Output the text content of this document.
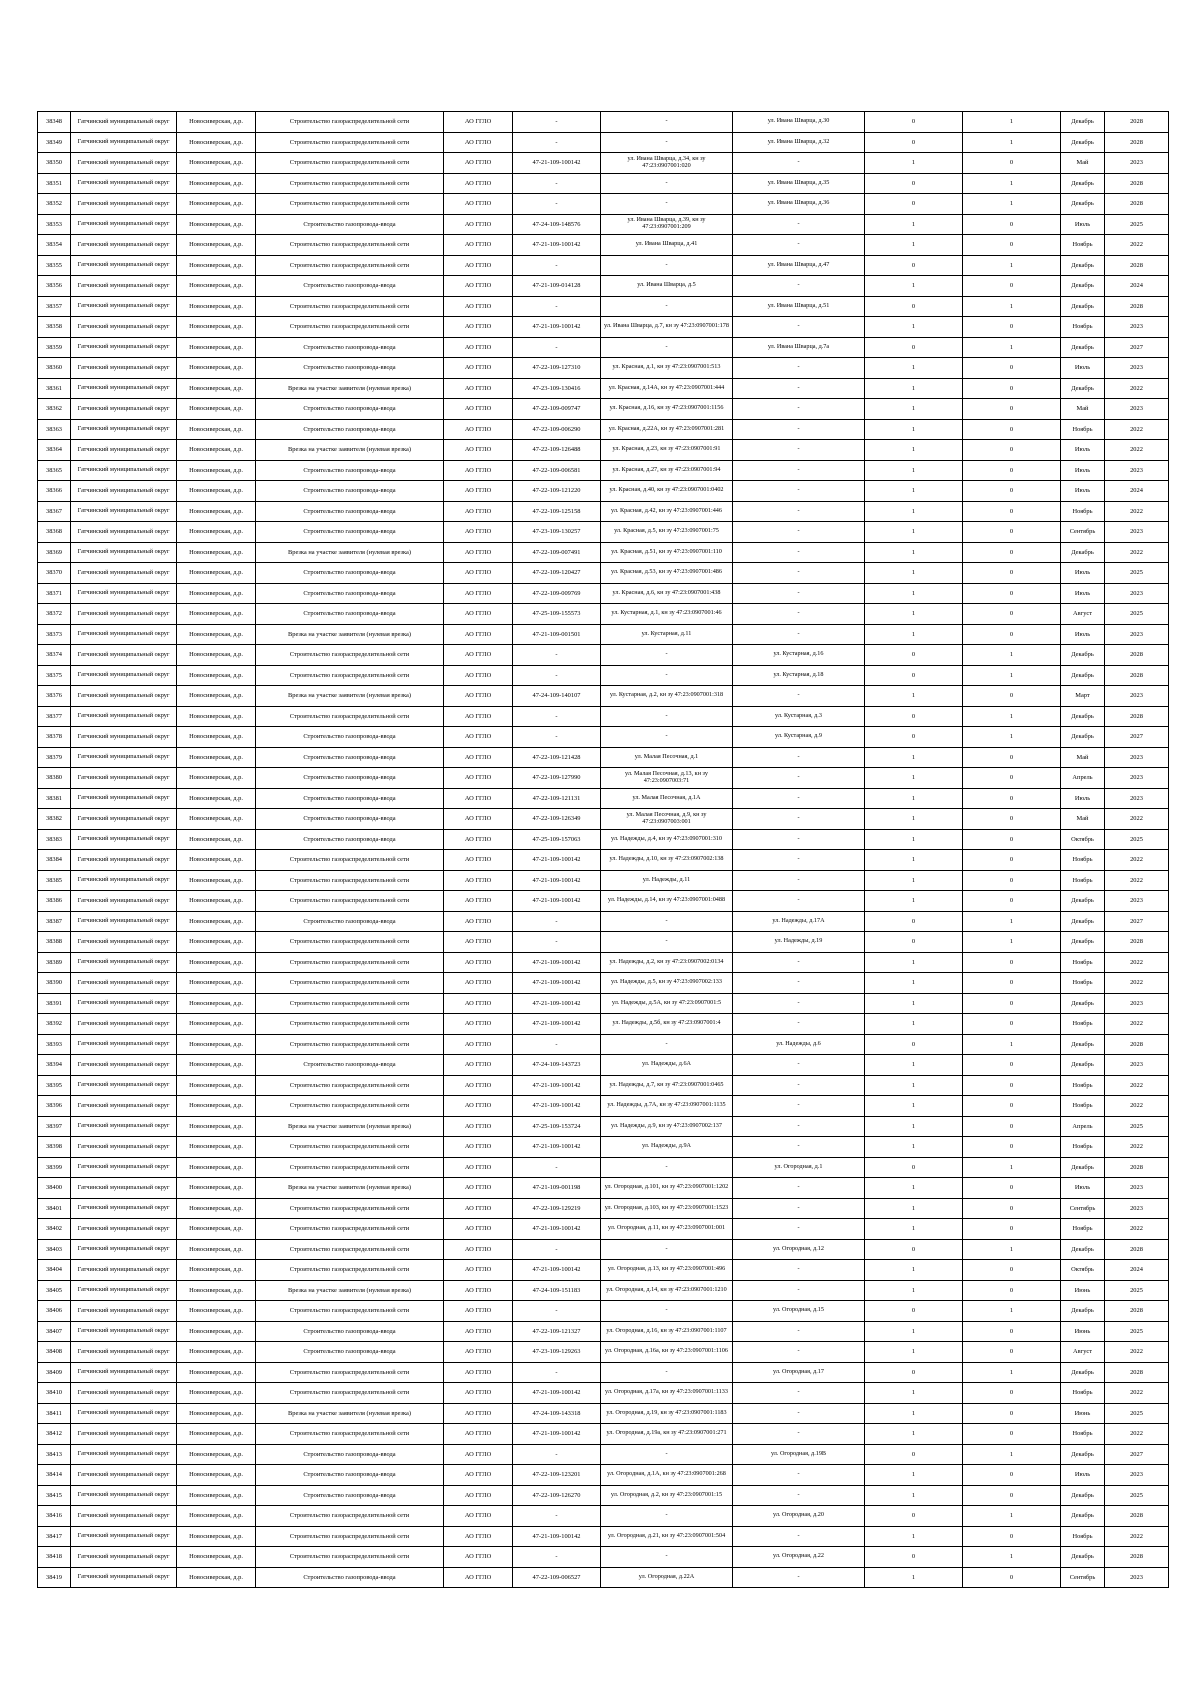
38348	Гатчинский муниципальный округ	Новосиверская, д.р.	Строительство газораспределительной сети	АО ГГЛО	-	-	ул. Ивана Шварца, д.30	0	1	Декабрь	2028
38349	Гатчинский муниципальный округ	Новосиверская, д.р.	Строительство газораспределительной сети	АО ГГЛО	-	-	ул. Ивана Шварца, д.32	0	1	Декабрь	2028
38350	Гатчинский муниципальный округ	Новосиверская, д.р.	Строительство газораспределительной сети	АО ГГЛО	47-21-109-100142	ул. Ивана Шварца, д.34, кн зу 47:23:0907001:020	-	1	0	Май	2023
38351	Гатчинский муниципальный округ	Новосиверская, д.р.	Строительство газораспределительной сети	АО ГГЛО	-	-	ул. Ивана Шварца, д.35	0	1	Декабрь	2028
38352	Гатчинский муниципальный округ	Новосиверская, д.р.	Строительство газораспределительной сети	АО ГГЛО	-	-	ул. Ивана Шварца, д.36	0	1	Декабрь	2028
38353	Гатчинский муниципальный округ	Новосиверская, д.р.	Строительство газопровода-ввода	АО ГГЛО	47-24-109-148576	ул. Ивана Шварца, д.39, кн зу 47:23:0907001:209	-	1	0	Июль	2025
38354	Гатчинский муниципальный округ	Новосиверская, д.р.	Строительство газораспределительной сети	АО ГГЛО	47-21-109-100142	ул. Ивана Шварца, д.41	-	1	0	Ноябрь	2022
38355	Гатчинский муниципальный округ	Новосиверская, д.р.	Строительство газораспределительной сети	АО ГГЛО	-	-	ул. Ивана Шварца, д.47	0	1	Декабрь	2028
38356	Гатчинский муниципальный округ	Новосиверская, д.р.	Строительство газопровода-ввода	АО ГГЛО	47-21-109-014128	ул. Ивана Шварца, д.5	-	1	0	Декабрь	2024
38357	Гатчинский муниципальный округ	Новосиверская, д.р.	Строительство газораспределительной сети	АО ГГЛО	-	-	ул. Ивана Шварца, д.51	0	1	Декабрь	2028
38358	Гатчинский муниципальный округ	Новосиверская, д.р.	Строительство газораспределительной сети	АО ГГЛО	47-21-109-100142	ул. Ивана Шварца, д.7, кн зу 47:23:0907001:178	-	1	0	Ноябрь	2023
38359	Гатчинский муниципальный округ	Новосиверская, д.р.	Строительство газопровода-ввода	АО ГГЛО	-	-	ул. Ивана Шварца, д.7а	0	1	Декабрь	2027
38360	Гатчинский муниципальный округ	Новосиверская, д.р.	Строительство газопровода-ввода	АО ГГЛО	47-22-109-127310	ул. Красная, д.1, кн зу 47:23:0907001:513	-	1	0	Июль	2023
38361	Гатчинский муниципальный округ	Новосиверская, д.р.	Врезка на участке заявителя (нулевая врезка)	АО ГГЛО	47-23-109-130416	ул. Красная, д.14А, кн зу 47:23:0907001:444	-	1	0	Декабрь	2022
38362	Гатчинский муниципальный округ	Новосиверская, д.р.	Строительство газопровода-ввода	АО ГГЛО	47-22-109-009747	ул. Красная, д.16, кн зу 47:23:0907001:1156	-	1	0	Май	2023
38363	Гатчинский муниципальный округ	Новосиверская, д.р.	Строительство газопровода-ввода	АО ГГЛО	47-22-109-006290	ул. Красная, д.22А, кн зу 47:23:0907001:281	-	1	0	Ноябрь	2022
38364	Гатчинский муниципальный округ	Новосиверская, д.р.	Врезка на участке заявителя (нулевая врезка)	АО ГГЛО	47-22-109-126488	ул. Красная, д.23, кн зу 47:23:0907001:91	-	1	0	Июль	2022
38365	Гатчинский муниципальный округ	Новосиверская, д.р.	Строительство газопровода-ввода	АО ГГЛО	47-22-109-006581	ул. Красная, д.27, кн зу 47:23:0907001:94	-	1	0	Июль	2023
38366	Гатчинский муниципальный округ	Новосиверская, д.р.	Строительство газопровода-ввода	АО ГГЛО	47-22-109-121220	ул. Красная, д.40, кн зу 47:23:0907001:0402	-	1	0	Июль	2024
38367	Гатчинский муниципальный округ	Новосиверская, д.р.	Строительство газопровода-ввода	АО ГГЛО	47-22-109-125158	ул. Красная, д.42, кн зу 47:23:0907001:446	-	1	0	Ноябрь	2022
38368	Гатчинский муниципальный округ	Новосиверская, д.р.	Строительство газопровода-ввода	АО ГГЛО	47-23-109-130257	ул. Красная, д.5, кн зу 47:23:0907001:75	-	1	0	Сентябрь	2023
38369	Гатчинский муниципальный округ	Новосиверская, д.р.	Врезка на участке заявителя (нулевая врезка)	АО ГГЛО	47-22-109-007491	ул. Красная, д.51, кн зу 47:23:0907001:110	-	1	0	Декабрь	2022
38370	Гатчинский муниципальный округ	Новосиверская, д.р.	Строительство газопровода-ввода	АО ГГЛО	47-22-109-120427	ул. Красная, д.53, кн зу 47:23:0907001:486	-	1	0	Июль	2025
38371	Гатчинский муниципальный округ	Новосиверская, д.р.	Строительство газопровода-ввода	АО ГГЛО	47-22-109-009769	ул. Красная, д.6, кн зу 47:23:0907001:438	-	1	0	Июль	2023
38372	Гатчинский муниципальный округ	Новосиверская, д.р.	Строительство газопровода-ввода	АО ГГЛО	47-25-109-155573	ул. Кустарная, д.1, кн зу 47:23:0907001:46	-	1	0	Август	2025
38373	Гатчинский муниципальный округ	Новосиверская, д.р.	Врезка на участке заявителя (нулевая врезка)	АО ГГЛО	47-21-109-001501	ул. Кустарная, д.11	-	1	0	Июль	2023
38374	Гатчинский муниципальный округ	Новосиверская, д.р.	Строительство газораспределительной сети	АО ГГЛО	-	-	ул. Кустарная, д.16	0	1	Декабрь	2028
38375	Гатчинский муниципальный округ	Новосиверская, д.р.	Строительство газораспределительной сети	АО ГГЛО	-	-	ул. Кустарная, д.18	0	1	Декабрь	2028
38376	Гатчинский муниципальный округ	Новосиверская, д.р.	Врезка на участке заявителя (нулевая врезка)	АО ГГЛО	47-24-109-140107	ул. Кустарная, д.2, кн зу 47:23:0907001:318	-	1	0	Март	2023
38377	Гатчинский муниципальный округ	Новосиверская, д.р.	Строительство газораспределительной сети	АО ГГЛО	-	-	ул. Кустарная, д.3	0	1	Декабрь	2028
38378	Гатчинский муниципальный округ	Новосиверская, д.р.	Строительство газопровода-ввода	АО ГГЛО	-	-	ул. Кустарная, д.9	0	1	Декабрь	2027
38379	Гатчинский муниципальный округ	Новосиверская, д.р.	Строительство газопровода-ввода	АО ГГЛО	47-22-109-121428	ул. Малая Песочная, д.1	-	1	0	Май	2023
38380	Гатчинский муниципальный округ	Новосиверская, д.р.	Строительство газопровода-ввода	АО ГГЛО	47-22-109-127990	ул. Малая Песочная, д.13, кн зу 47:23:0907003:71	-	1	0	Апрель	2023
38381	Гатчинский муниципальный округ	Новосиверская, д.р.	Строительство газопровода-ввода	АО ГГЛО	47-22-109-121131	ул. Малая Песочная, д.1А	-	1	0	Июль	2023
38382	Гатчинский муниципальный округ	Новосиверская, д.р.	Строительство газопровода-ввода	АО ГГЛО	47-22-109-126349	ул. Малая Песочная, д.9, кн зу 47:23:0907003:001	-	1	0	Май	2022
38383	Гатчинский муниципальный округ	Новосиверская, д.р.	Строительство газопровода-ввода	АО ГГЛО	47-25-109-157063	ул. Надежды, д.4, кн зу 47:23:0907001:310	-	1	0	Октябрь	2025
38384	Гатчинский муниципальный округ	Новосиверская, д.р.	Строительство газораспределительной сети	АО ГГЛО	47-21-109-100142	ул. Надежды, д.10, кн зу 47:23:0907002:138	-	1	0	Ноябрь	2022
38385	Гатчинский муниципальный округ	Новосиверская, д.р.	Строительство газораспределительной сети	АО ГГЛО	47-21-109-100142	ул. Надежды, д.11	-	1	0	Ноябрь	2022
38386	Гатчинский муниципальный округ	Новосиверская, д.р.	Строительство газораспределительной сети	АО ГГЛО	47-21-109-100142	ул. Надежды, д.14, кн зу 47:23:0907001:0488	-	1	0	Декабрь	2023
38387	Гатчинский муниципальный округ	Новосиверская, д.р.	Строительство газопровода-ввода	АО ГГЛО	-	-	ул. Надежды, д.17А	0	1	Декабрь	2027
38388	Гатчинский муниципальный округ	Новосиверская, д.р.	Строительство газораспределительной сети	АО ГГЛО	-	-	ул. Надежды, д.19	0	1	Декабрь	2028
38389	Гатчинский муниципальный округ	Новосиверская, д.р.	Строительство газораспределительной сети	АО ГГЛО	47-21-109-100142	ул. Надежды, д.2, кн зу 47:23:0907002:0134	-	1	0	Ноябрь	2022
38390	Гатчинский муниципальный округ	Новосиверская, д.р.	Строительство газораспределительной сети	АО ГГЛО	47-21-109-100142	ул. Надежды, д.5, кн зу 47:23:0907002:133	-	1	0	Ноябрь	2022
38391	Гатчинский муниципальный округ	Новосиверская, д.р.	Строительство газораспределительной сети	АО ГГЛО	47-21-109-100142	ул. Надежды, д.5А, кн зу 47:23:0907001:5	-	1	0	Декабрь	2023
38392	Гатчинский муниципальный округ	Новосиверская, д.р.	Строительство газораспределительной сети	АО ГГЛО	47-21-109-100142	ул. Надежды, д.5б, кн зу 47:23:0907001:4	-	1	0	Ноябрь	2022
38393	Гатчинский муниципальный округ	Новосиверская, д.р.	Строительство газораспределительной сети	АО ГГЛО	-	-	ул. Надежды, д.6	0	1	Декабрь	2028
38394	Гатчинский муниципальный округ	Новосиверская, д.р.	Строительство газопровода-ввода	АО ГГЛО	47-24-109-143723	ул. Надежды, д.6А	-	1	0	Декабрь	2023
38395	Гатчинский муниципальный округ	Новосиверская, д.р.	Строительство газораспределительной сети	АО ГГЛО	47-21-109-100142	ул. Надежды, д.7, кн зу 47:23:0907001:0465	-	1	0	Ноябрь	2022
38396	Гатчинский муниципальный округ	Новосиверская, д.р.	Строительство газораспределительной сети	АО ГГЛО	47-21-109-100142	ул. Надежды, д.7А, кн зу 47:23:0907001:1135	-	1	0	Ноябрь	2022
38397	Гатчинский муниципальный округ	Новосиверская, д.р.	Врезка на участке заявителя (нулевая врезка)	АО ГГЛО	47-25-109-153724	ул. Надежды, д.9, кн зу 47:23:0907002:137	-	1	0	Апрель	2025
38398	Гатчинский муниципальный округ	Новосиверская, д.р.	Строительство газораспределительной сети	АО ГГЛО	47-21-109-100142	ул. Надежды, д.9А	-	1	0	Ноябрь	2022
38399	Гатчинский муниципальный округ	Новосиверская, д.р.	Строительство газораспределительной сети	АО ГГЛО	-	-	ул. Огородная, д.1	0	1	Декабрь	2028
38400	Гатчинский муниципальный округ	Новосиверская, д.р.	Врезка на участке заявителя (нулевая врезка)	АО ГГЛО	47-21-109-001198	ул. Огородная, д.101, кн зу 47:23:0907001:1202	-	1	0	Июль	2023
38401	Гатчинский муниципальный округ	Новосиверская, д.р.	Строительство газораспределительной сети	АО ГГЛО	47-22-109-129219	ул. Огородная, д.103, кн зу 47:23:0907001:1523	-	1	0	Сентябрь	2023
38402	Гатчинский муниципальный округ	Новосиверская, д.р.	Строительство газораспределительной сети	АО ГГЛО	47-21-109-100142	ул. Огородная, д.11, кн зу 47:23:0907001:001	-	1	0	Ноябрь	2022
38403	Гатчинский муниципальный округ	Новосиверская, д.р.	Строительство газораспределительной сети	АО ГГЛО	-	-	ул. Огородная, д.12	0	1	Декабрь	2028
38404	Гатчинский муниципальный округ	Новосиверская, д.р.	Строительство газораспределительной сети	АО ГГЛО	47-21-109-100142	ул. Огородная, д.13, кн зу 47:23:0907001:496	-	1	0	Октябрь	2024
38405	Гатчинский муниципальный округ	Новосиверская, д.р.	Врезка на участке заявителя (нулевая врезка)	АО ГГЛО	47-24-109-151183	ул. Огородная, д.14, кн зу 47:23:0907001:1210	-	1	0	Июнь	2025
38406	Гатчинский муниципальный округ	Новосиверская, д.р.	Строительство газораспределительной сети	АО ГГЛО	-	-	ул. Огородная, д.15	0	1	Декабрь	2028
38407	Гатчинский муниципальный округ	Новосиверская, д.р.	Строительство газопровода-ввода	АО ГГЛО	47-22-109-121327	ул. Огородная, д.16, кн зу 47:23:0907001:1107	-	1	0	Июнь	2025
38408	Гатчинский муниципальный округ	Новосиверская, д.р.	Строительство газопровода-ввода	АО ГГЛО	47-23-109-129263	ул. Огородная, д.16а, кн зу 47:23:0907001:1106	-	1	0	Август	2022
38409	Гатчинский муниципальный округ	Новосиверская, д.р.	Строительство газораспределительной сети	АО ГГЛО	-	-	ул. Огородная, д.17	0	1	Декабрь	2028
38410	Гатчинский муниципальный округ	Новосиверская, д.р.	Строительство газораспределительной сети	АО ГГЛО	47-21-109-100142	ул. Огородная, д.17а, кн зу 47:23:0907001:1133	-	1	0	Ноябрь	2022
38411	Гатчинский муниципальный округ	Новосиверская, д.р.	Врезка на участке заявителя (нулевая врезка)	АО ГГЛО	47-24-109-143318	ул. Огородная, д.19, кн зу 47:23:0907001:1183	-	1	0	Июнь	2025
38412	Гатчинский муниципальный округ	Новосиверская, д.р.	Строительство газораспределительной сети	АО ГГЛО	47-21-109-100142	ул. Огородная, д.19а, кн зу 47:23:0907001:271	-	1	0	Ноябрь	2022
38413	Гатчинский муниципальный округ	Новосиверская, д.р.	Строительство газопровода-ввода	АО ГГЛО	-	-	ул. Огородная, д.19В	0	1	Декабрь	2027
38414	Гатчинский муниципальный округ	Новосиверская, д.р.	Строительство газопровода-ввода	АО ГГЛО	47-22-109-123201	ул. Огородная, д.1А, кн зу 47:23:0907001:268	-	1	0	Июль	2023
38415	Гатчинский муниципальный округ	Новосиверская, д.р.	Строительство газопровода-ввода	АО ГГЛО	47-22-109-126270	ул. Огородная, д.2, кн зу 47:23:0907001:15	-	1	0	Декабрь	2025
38416	Гатчинский муниципальный округ	Новосиверская, д.р.	Строительство газораспределительной сети	АО ГГЛО	-	-	ул. Огородная, д.20	0	1	Декабрь	2028
38417	Гатчинский муниципальный округ	Новосиверская, д.р.	Строительство газораспределительной сети	АО ГГЛО	47-21-109-100142	ул. Огородная, д.21, кн зу 47:23:0907001:504	-	1	0	Ноябрь	2022
38418	Гатчинский муниципальный округ	Новосиверская, д.р.	Строительство газораспределительной сети	АО ГГЛО	-	-	ул. Огородная, д.22	0	1	Декабрь	2028
38419	Гатчинский муниципальный округ	Новосиверская, д.р.	Строительство газопровода-ввода	АО ГГЛО	47-22-109-006527	ул. Огородная, д.22А	-	1	0	Сентябрь	2023
